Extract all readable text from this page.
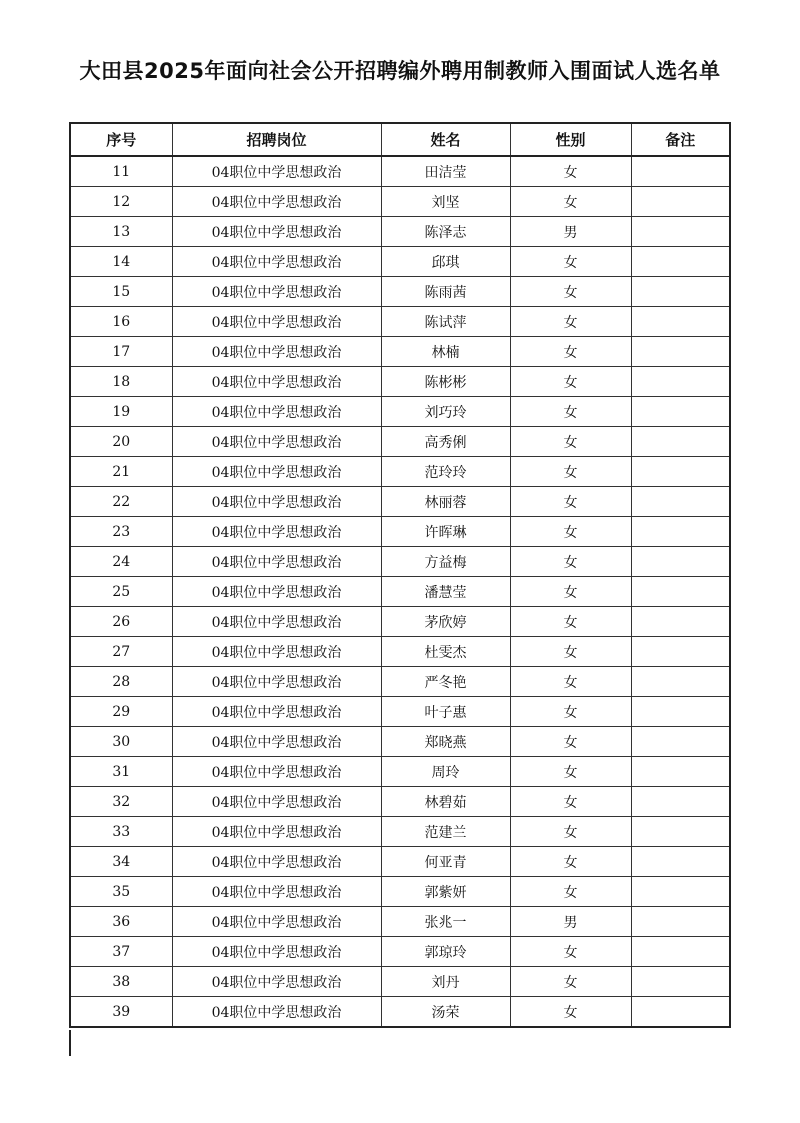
大田县2025年面向社会公开招聘编外聘用制教师入围面试人选名单
序号	招聘岗位	姓名	性别	备注
11	04职位中学思想政治	田洁莹	女	
12	04职位中学思想政治	刘坚	女	
13	04职位中学思想政治	陈泽志	男	
14	04职位中学思想政治	邱琪	女	
15	04职位中学思想政治	陈雨茜	女	
16	04职位中学思想政治	陈试萍	女	
17	04职位中学思想政治	林楠	女	
18	04职位中学思想政治	陈彬彬	女	
19	04职位中学思想政治	刘巧玲	女	
20	04职位中学思想政治	高秀俐	女	
21	04职位中学思想政治	范玲玲	女	
22	04职位中学思想政治	林丽蓉	女	
23	04职位中学思想政治	许晖琳	女	
24	04职位中学思想政治	方益梅	女	
25	04职位中学思想政治	潘慧莹	女	
26	04职位中学思想政治	茅欣婷	女	
27	04职位中学思想政治	杜雯杰	女	
28	04职位中学思想政治	严冬艳	女	
29	04职位中学思想政治	叶子惠	女	
30	04职位中学思想政治	郑晓燕	女	
31	04职位中学思想政治	周玲	女	
32	04职位中学思想政治	林碧茹	女	
33	04职位中学思想政治	范建兰	女	
34	04职位中学思想政治	何亚青	女	
35	04职位中学思想政治	郭紫妍	女	
36	04职位中学思想政治	张兆一	男	
37	04职位中学思想政治	郭琼玲	女	
38	04职位中学思想政治	刘丹	女	
39	04职位中学思想政治	汤荣	女	
